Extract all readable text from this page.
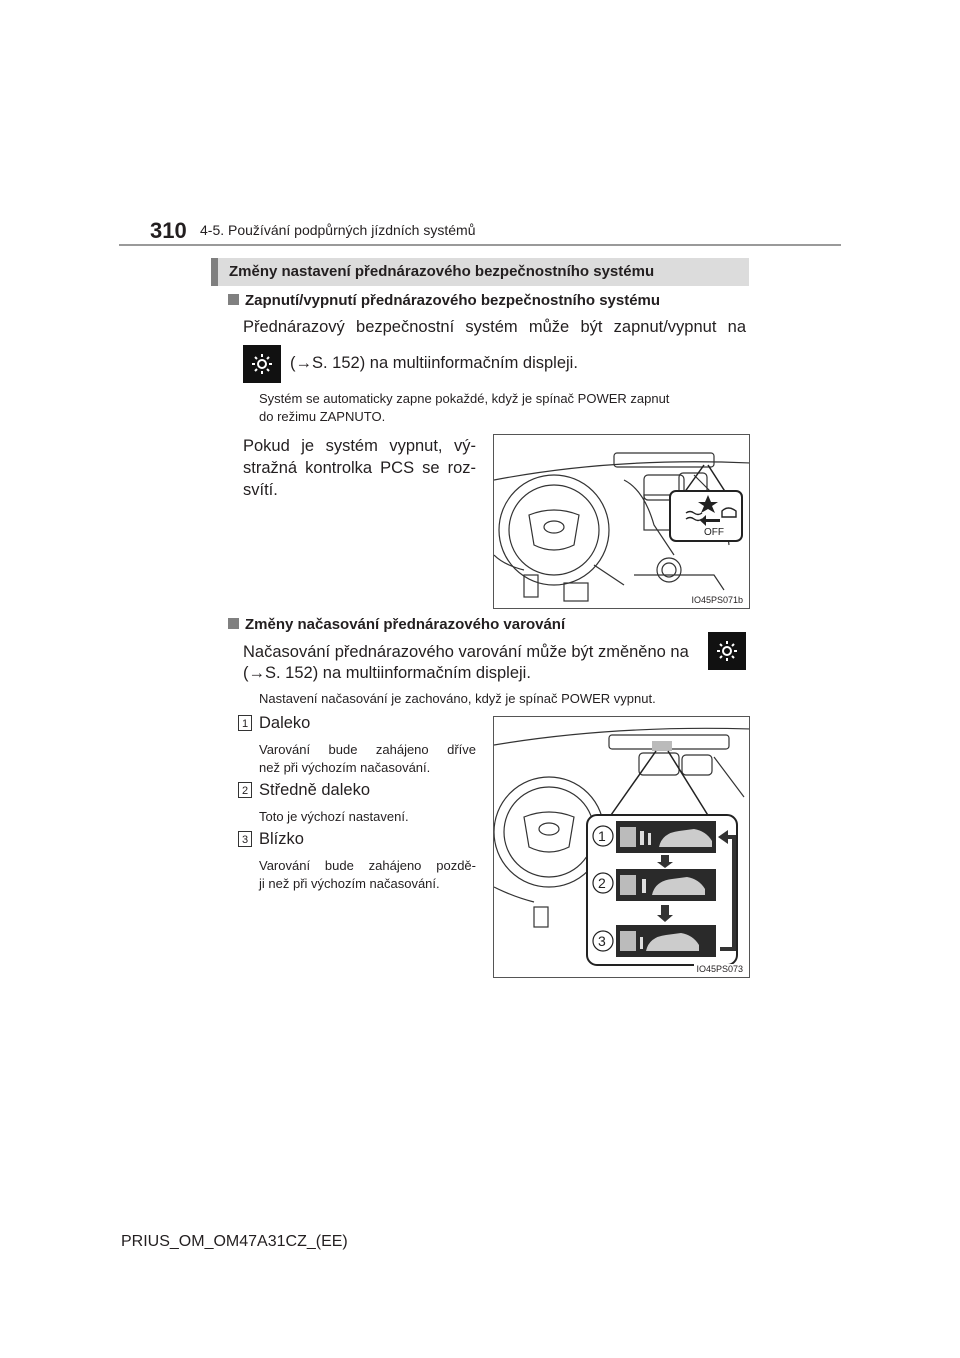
310 4-5. Používání podpůrných jízdních systémů
Změny nastavení přednárazového bezpečnostního systému
Zapnutí/vypnutí přednárazového bezpečnostního systému
Přednárazový bezpečnostní systém může být zapnut/vypnut na
(→S. 152) na multiinformačním displeji.
Systém se automaticky zapne pokaždé, když je spínač POWER zapnut
do režimu ZAPNUTO.
Pokud je systém vypnut, vý-
stražná kontrolka PCS se roz-
svítí.
OFF
IO45PS071b
Změny načasování přednárazového varování
Načasování přednárazového varování může být změněno na
(→S. 152) na multiinformačním displeji.
Nastavení načasování je zachováno, když je spínač POWER vypnut.
1 Daleko
Varování bude zahájeno dříve
než při výchozím načasování.
2 Středně daleko
Toto je výchozí nastavení.
3 Blízko
Varování bude zahájeno pozdě-
ji než při výchozím načasování.
1
2
3
IO45PS073
PRIUS_OM_OM47A31CZ_(EE)
